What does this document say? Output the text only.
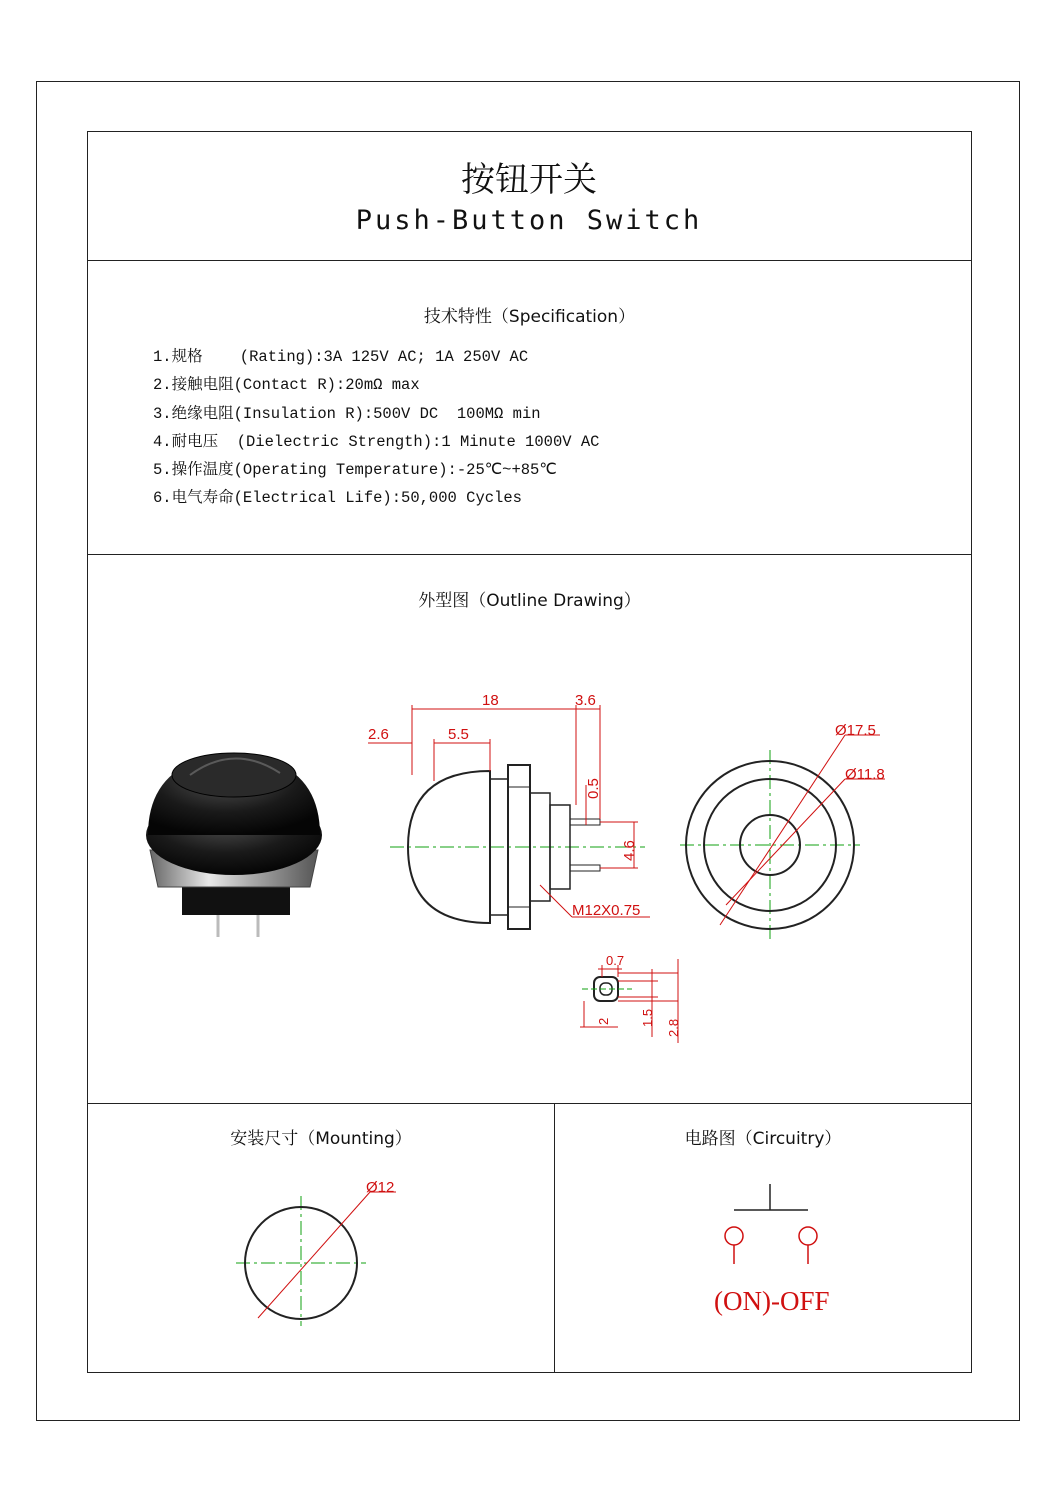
按钮开关
Push-Button Switch
技术特性（Specification）
1.规格    (Rating):3A 125V AC; 1A 250V AC
2.接触电阻(Contact R):20mΩ max
3.绝缘电阻(Insulation R):500V DC  100MΩ min
4.耐电压  (Dielectric Strength):1 Minute 1000V AC
5.操作温度(Operating Temperature):-25℃~+85℃
6.电气寿命(Electrical Life):50,000 Cycles
外型图（Outline Drawing）
18	3.6
2.6	5.5
0.5
4.6
M12X0.75
Ø17.5
Ø11.8
0.7
2 1.5
2.8
安装尺寸（Mounting）
Ø12
电路图（Circuitry）
(ON)-OFF
